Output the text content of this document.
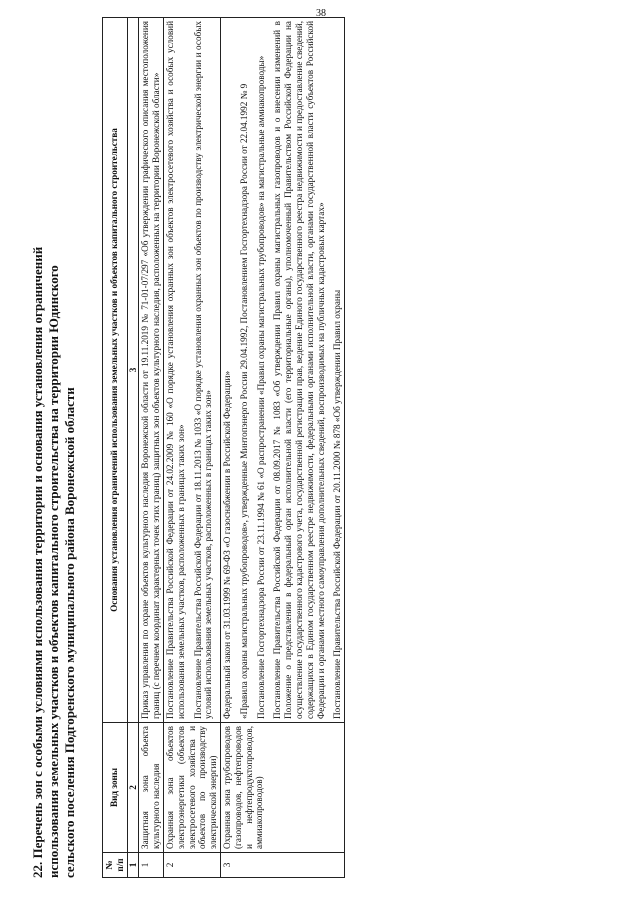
38
22. Перечень зон с особыми условиями использования территории и основания установления ограничений использования земельных участков и объектов капитального строительства на территории Юдинского сельского поселения Подгоренского муниципального района Воронежской области	№ п/п	Вид зоны	Основания установления ограничений использования земельных участков и объектов капитального строительства
1	2	3
1	Защитная зона объекта культурного наследия	Приказ управления по охране объектов культурного наследия Воронежской области от 19.11.2019 № 71-01-07/297 «Об утверждении графического описания местоположения границ (с перечнем координат характерных точек этих границ) защитных зон объектов культурного наследия, расположенных на территории Воронежской области»

2	Охранная зона объектов электроэнергетики (объектов электросетевого хозяйства и объектов по производству электрической энергии)	Постановление Правительства Российской Федерации от 24.02.2009 № 160 «О порядке установления охранных зон объектов электросетевого хозяйства и особых условий использования земельных участков, расположенных в границах таких зон» Постановление Правительства Российской Федерации от 18.11.2013 № 1033 «О порядке установления охранных зон объектов по производству электрической энергии и особых условий использования земельных участков, расположенных в границах таких зон»

3	Охранная зона трубопроводов (газопроводов, нефтепроводов и нефтепродуктопроводов, аммиакопроводов)	Федеральный закон от 31.03.1999 № 69-ФЗ «О газоснабжении в Российской Федерации» «Правила охраны магистральных трубопроводов», утвержденные Минтопэнерго России 29.04.1992, Постановлением Госгортехнадзора России от 22.04.1992 № 9 Постановление Госгортехнадзора России от 23.11.1994 № 61 «О распространении «Правил охраны магистральных трубопроводов» на магистральные аммиакопроводы» Постановление Правительства Российской Федерации от 08.09.2017 № 1083 «Об утверждении Правил охраны магистральных газопроводов и о внесении изменений в Положение о представлении в федеральный орган исполнительной власти (его территориальные органы), уполномоченный Правительством Российской Федерации на осуществление государственного кадастрового учета, государственной регистрации прав, ведение Единого государственного реестра недвижимости и предоставление сведений, содержащихся в Едином государственном реестре недвижимости, федеральными органами исполнительной власти, органами государственной власти субъектов Российской Федерации и органами местного самоуправления дополнительных сведений, воспроизводимых на публичных кадастровых картах» Постановление Правительства Российской Федерации от 20.11.2000 № 878 «Об утверждении Правил охраны
